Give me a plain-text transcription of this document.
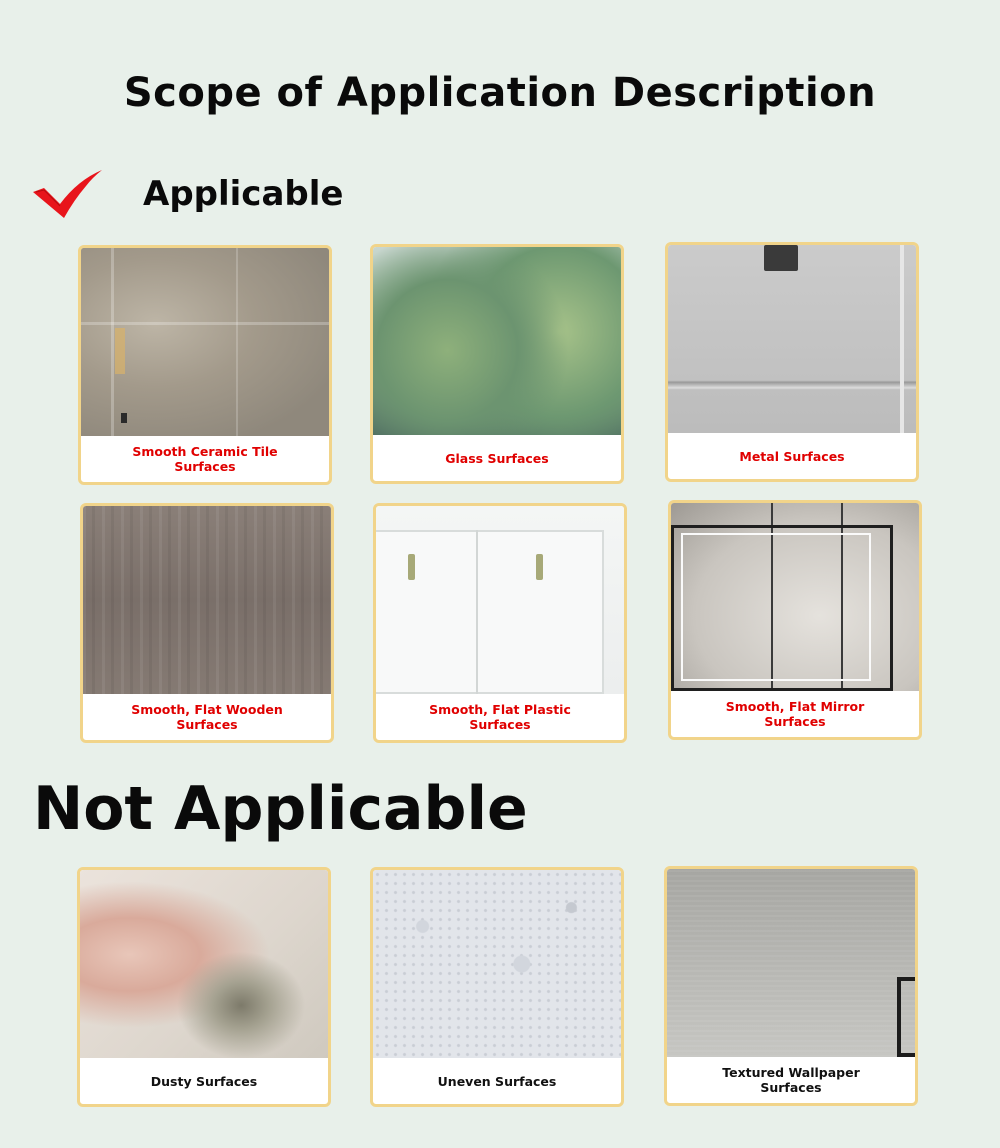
Scope of Application Description
Applicable
Smooth Ceramic Tile Surfaces
Glass Surfaces	Metal Surfaces
Smooth, Flat Wooden Surfaces
Smooth, Flat Plastic Surfaces
Smooth, Flat Mirror Surfaces
Not Applicable
Dusty Surfaces	Uneven Surfaces
Textured Wallpaper Surfaces
